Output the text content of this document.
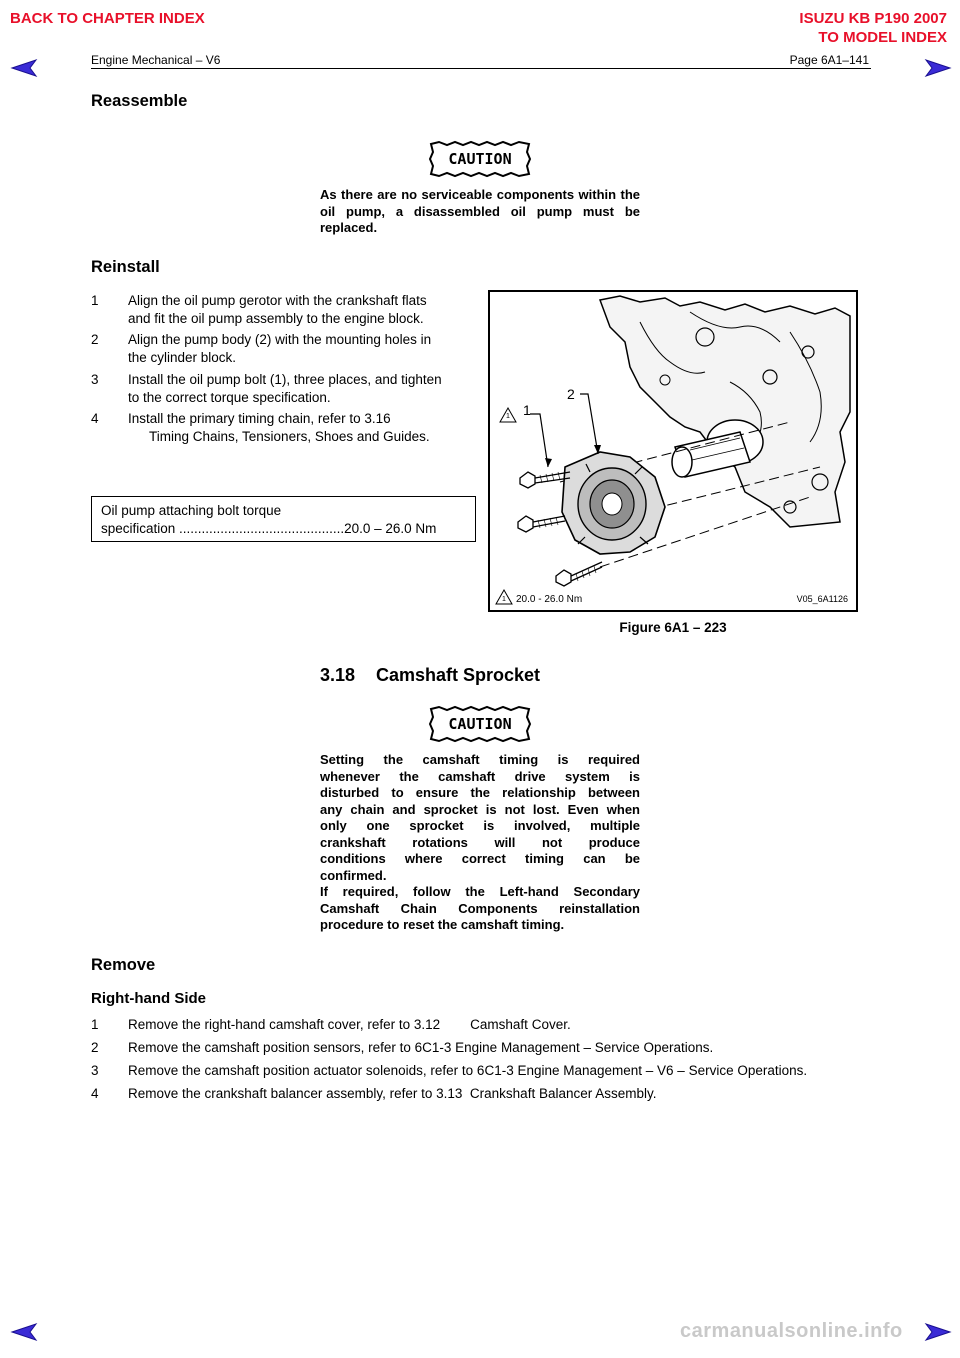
BACK TO CHAPTER INDEX	ISUZU KB P190 2007
TO MODEL INDEX
Engine Mechanical – V6	Page 6A1–141
Reassemble
CAUTION
As there are no serviceable components within the oil pump, a disassembled oil pump must be replaced.
Reinstall
1 Align the oil pump gerotor with the crankshaft flats
and fit the oil pump assembly to the engine block.
2 Align the pump body (2) with the mounting holes in
the cylinder block.
3 Install the oil pump bolt (1), three places, and tighten
to the correct torque specification.
4 Install the primary timing chain, refer to 3.16
Timing Chains, Tensioners, Shoes and Guides.
Oil pump attaching bolt torque
specification ............................................20.0 – 26.0 Nm
1
2
1
1 20.0 - 26.0 Nm	V05_6A1126
Figure 6A1 – 223
3.18 Camshaft Sprocket
CAUTION
Setting the camshaft timing is required
whenever the camshaft drive system is
disturbed to ensure the relationship between
any chain and sprocket is not lost. Even when
only one sprocket is involved, multiple
crankshaft rotations will not produce
conditions where correct timing can be
confirmed.
If required, follow the Left-hand Secondary
Camshaft Chain Components reinstallation
procedure to reset the camshaft timing.
Remove
Right-hand Side
1 Remove the right-hand camshaft cover, refer to 3.12        Camshaft Cover.
2 Remove the camshaft position sensors, refer to 6C1-3 Engine Management – Service Operations.
3 Remove the camshaft position actuator solenoids, refer to 6C1-3 Engine Management – V6 – Service Operations.
4 Remove the crankshaft balancer assembly, refer to 3.13  Crankshaft Balancer Assembly.
carmanualsonline.info
